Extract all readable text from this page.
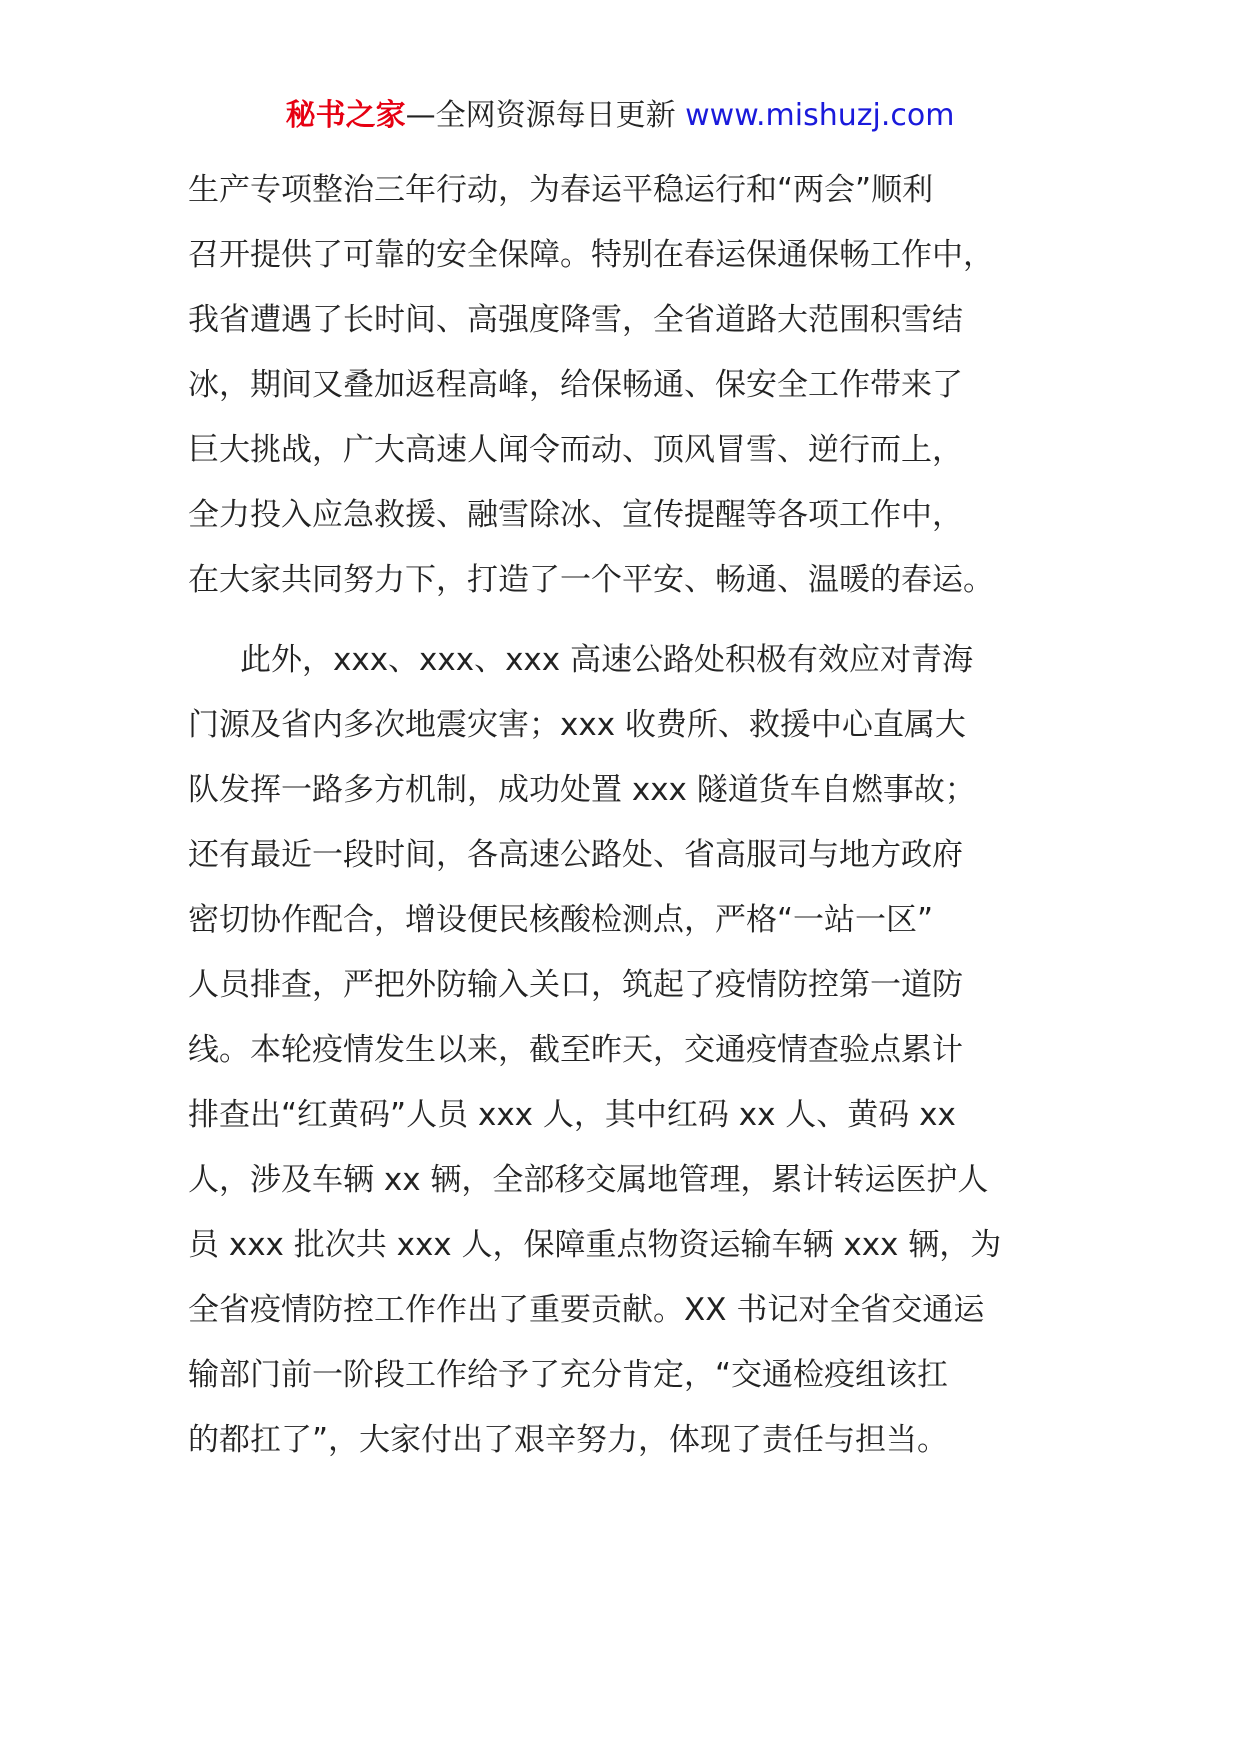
秘书之家—全网资源每日更新 www.mishuzj.com
生产专项整治三年行动，为春运平稳运行和“两会”顺利
召开提供了可靠的安全保障。特别在春运保通保畅工作中，
我省遭遇了长时间、高强度降雪，全省道路大范围积雪结
冰，期间又叠加返程高峰，给保畅通、保安全工作带来了
巨大挑战，广大高速人闻令而动、顶风冒雪、逆行而上，
全力投入应急救援、融雪除冰、宣传提醒等各项工作中，
在大家共同努力下，打造了一个平安、畅通、温暖的春运。
此外，xxx、xxx、xxx 高速公路处积极有效应对青海
门源及省内多次地震灾害；xxx 收费所、救援中心直属大
队发挥一路多方机制，成功处置 xxx 隧道货车自燃事故；
还有最近一段时间，各高速公路处、省高服司与地方政府
密切协作配合，增设便民核酸检测点，严格“一站一区”
人员排查，严把外防输入关口，筑起了疫情防控第一道防
线。本轮疫情发生以来，截至昨天，交通疫情查验点累计
排查出“红黄码”人员 xxx 人，其中红码 xx 人、黄码 xx
人，涉及车辆 xx 辆，全部移交属地管理，累计转运医护人
员 xxx 批次共 xxx 人，保障重点物资运输车辆 xxx 辆，为
全省疫情防控工作作出了重要贡献。XX 书记对全省交通运
输部门前一阶段工作给予了充分肯定，“交通检疫组该扛
的都扛了”，大家付出了艰辛努力，体现了责任与担当。
